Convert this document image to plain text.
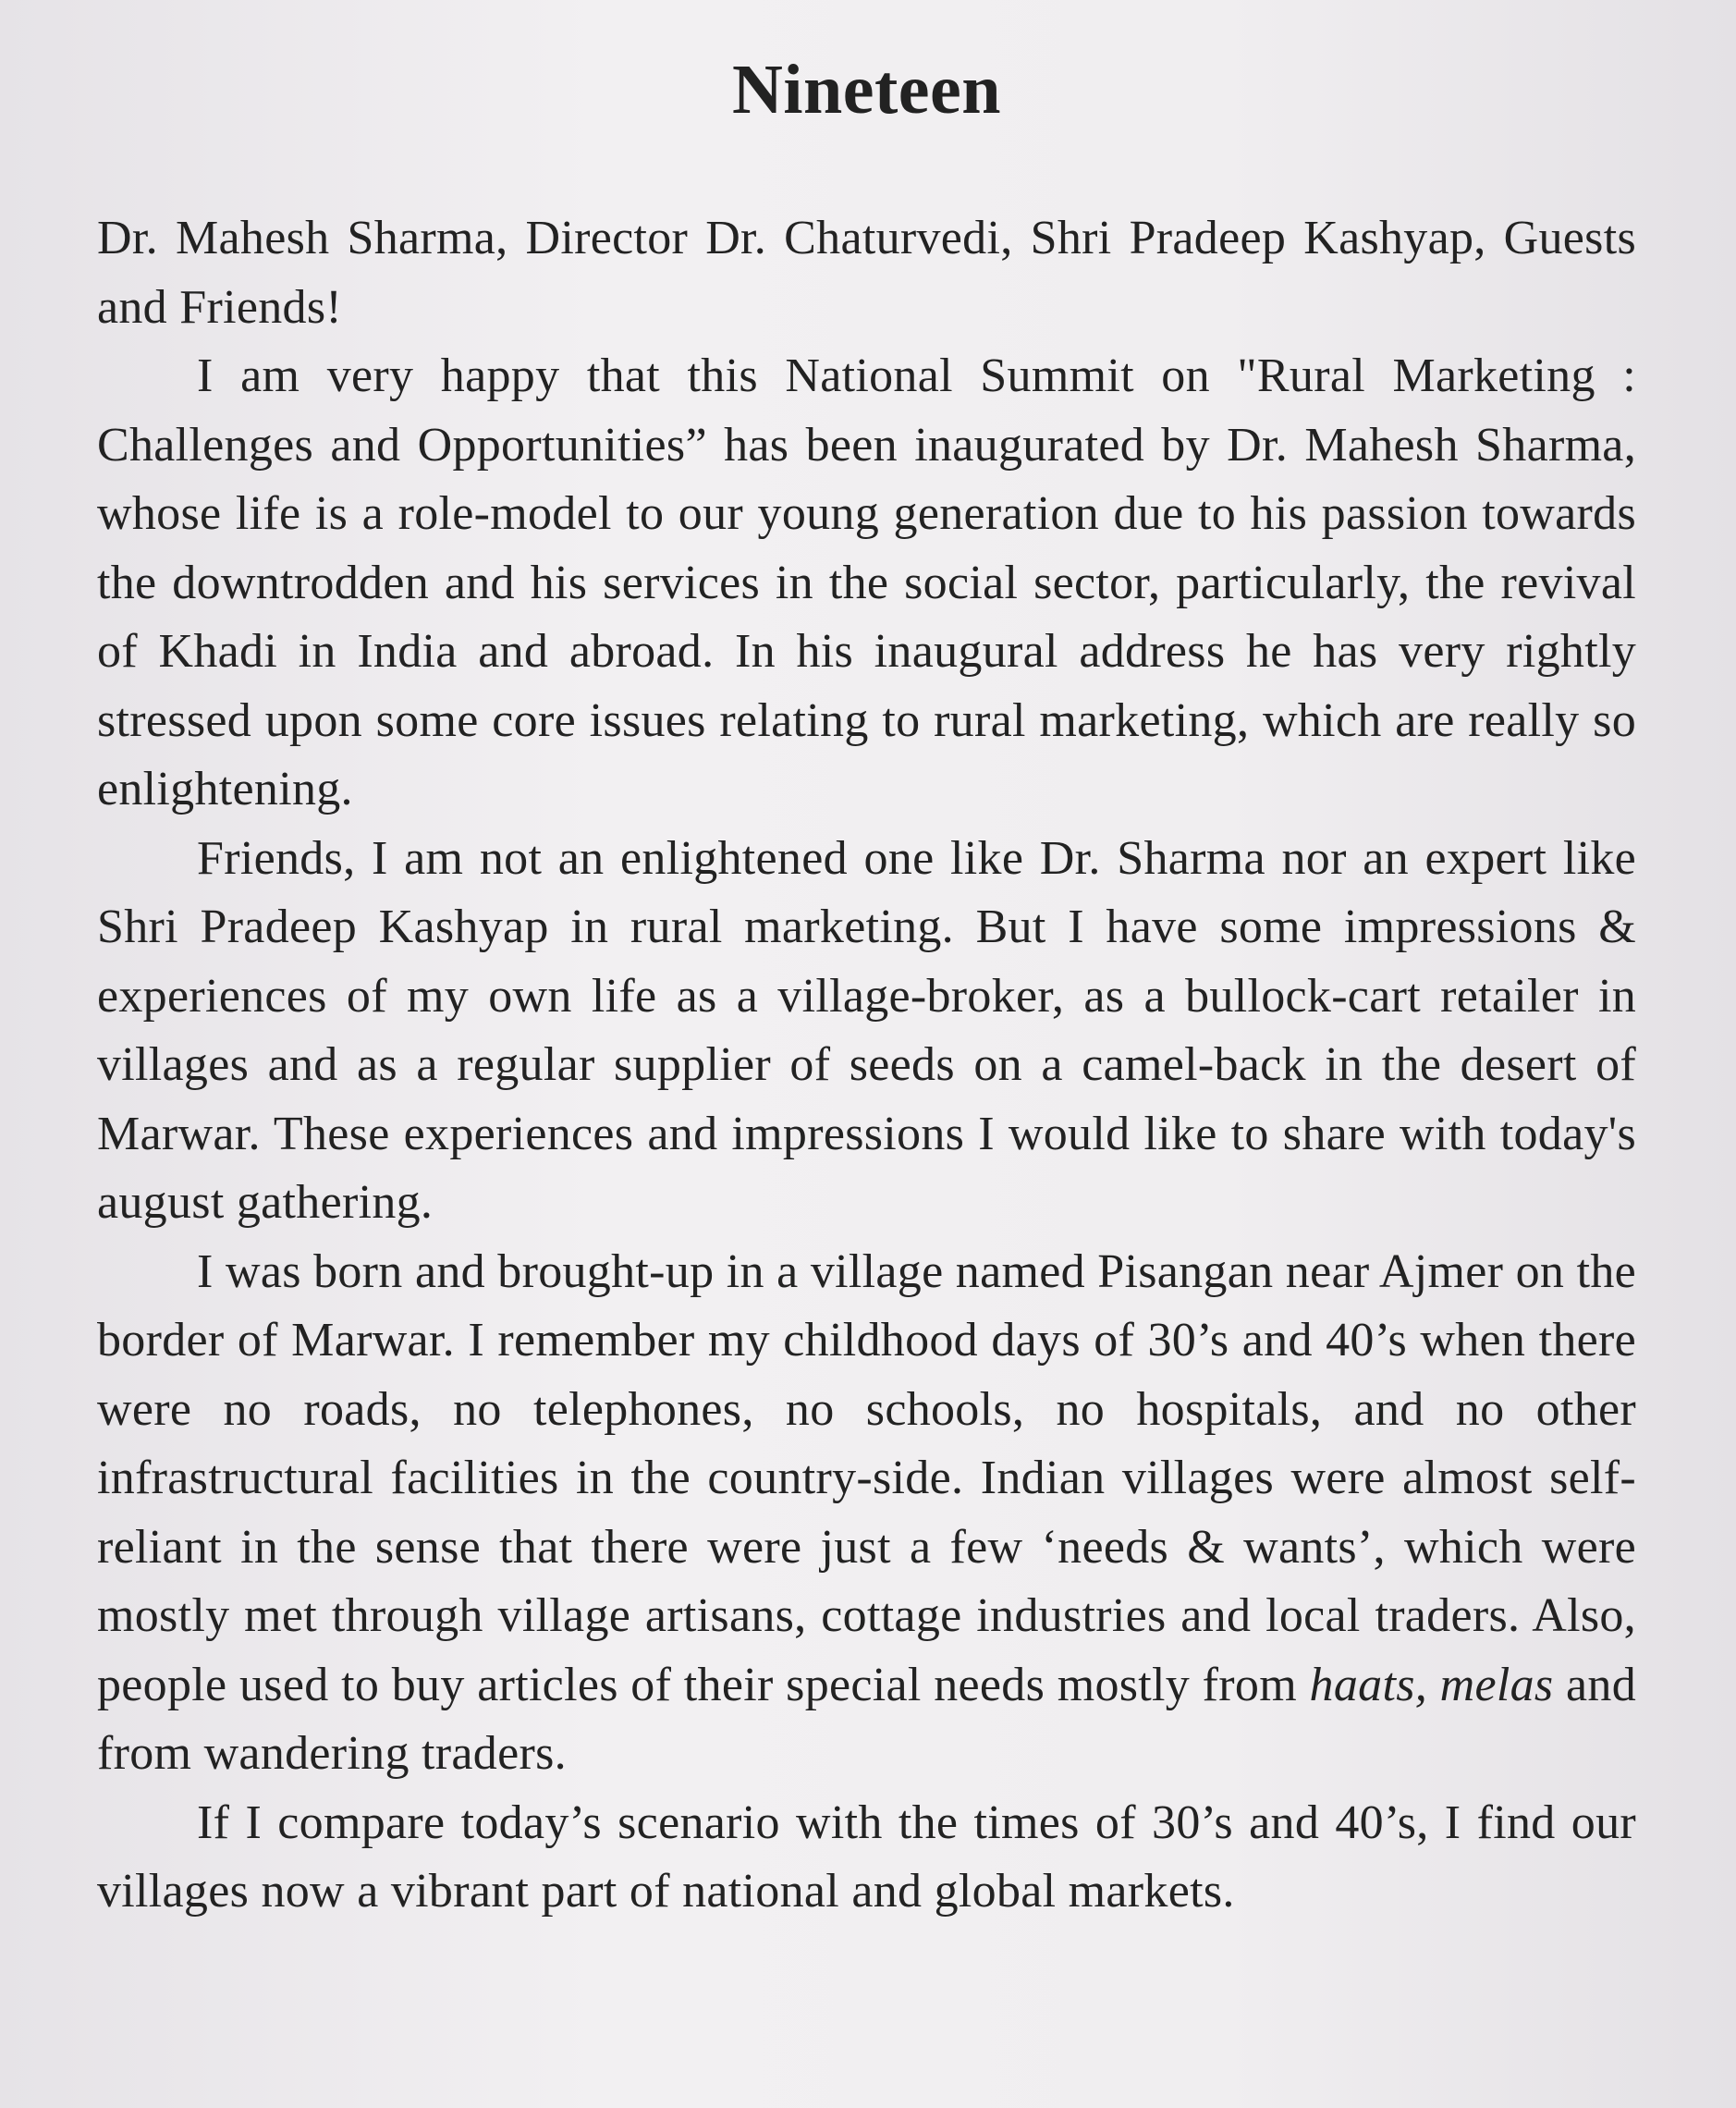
Nineteen

Dr. Mahesh Sharma, Director Dr. Chaturvedi, Shri Pradeep Kashyap, Guests and Friends!

I am very happy that this National Summit on "Rural Marketing : Challenges and Opportunities” has been inaugurated by Dr. Mahesh Sharma, whose life is a role-model to our young generation due to his passion towards the downtrodden and his services in the social sector, particularly, the revival of Khadi in India and abroad. In his inaugural address he has very rightly stressed upon some core issues relating to rural marketing, which are really so enlightening.

Friends, I am not an enlightened one like Dr. Sharma nor an expert like Shri Pradeep Kashyap in rural marketing. But I have some impressions & experiences of my own life as a village-broker, as a bullock-cart retailer in villages and as a regular supplier of seeds on a camel-back in the desert of Marwar. These experiences and impressions I would like to share with today's august gathering.

I was born and brought-up in a village named Pisangan near Ajmer on the border of Marwar. I remember my childhood days of 30’s and 40’s when there were no roads, no telephones, no schools, no hospitals, and no other infrastructural facilities in the country-side. Indian villages were almost self-reliant in the sense that there were just a few ‘needs & wants’, which were mostly met through village artisans, cottage industries and local traders. Also, people used to buy articles of their special needs mostly from haats, melas and from wandering traders.

If I compare today’s scenario with the times of 30’s and 40’s, I find our villages now a vibrant part of national and global markets.
